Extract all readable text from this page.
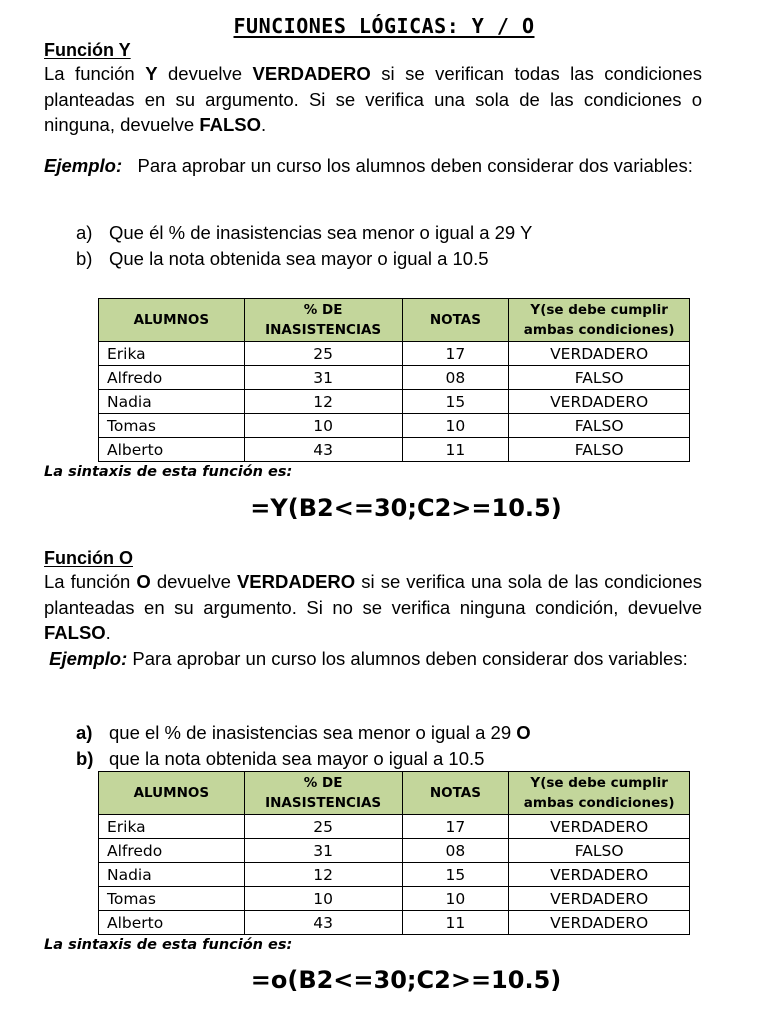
FUNCIONES LÓGICAS: Y / O
Función Y
La función Y devuelve VERDADERO si se verifican todas las condiciones planteadas en su argumento. Si se verifica una sola de las condiciones o ninguna, devuelve FALSO.
Ejemplo: Para aprobar un curso los alumnos deben considerar dos variables:
a) Que él % de inasistencias sea menor o igual a 29 Y
b) Que la nota obtenida sea mayor o igual a 10.5
ALUMNOS	% DE INASISTENCIAS	NOTAS	Y(se debe cumplir ambas condiciones)
Erika	25	17	VERDADERO
Alfredo	31	08	FALSO
Nadia	12	15	VERDADERO
Tomas	10	10	FALSO
Alberto	43	11	FALSO
La sintaxis de esta función es:
=Y(B2<=30;C2>=10.5)
Función O
La función O devuelve VERDADERO si se verifica una sola de las condiciones planteadas en su argumento. Si no se verifica ninguna condición, devuelve FALSO.
Ejemplo: Para aprobar un curso los alumnos deben considerar dos variables:
a) que el % de inasistencias sea menor o igual a 29 O
b) que la nota obtenida sea mayor o igual a 10.5
ALUMNOS	% DE INASISTENCIAS	NOTAS	Y(se debe cumplir ambas condiciones)
Erika	25	17	VERDADERO
Alfredo	31	08	FALSO
Nadia	12	15	VERDADERO
Tomas	10	10	VERDADERO
Alberto	43	11	VERDADERO
La sintaxis de esta función es:
=o(B2<=30;C2>=10.5)
